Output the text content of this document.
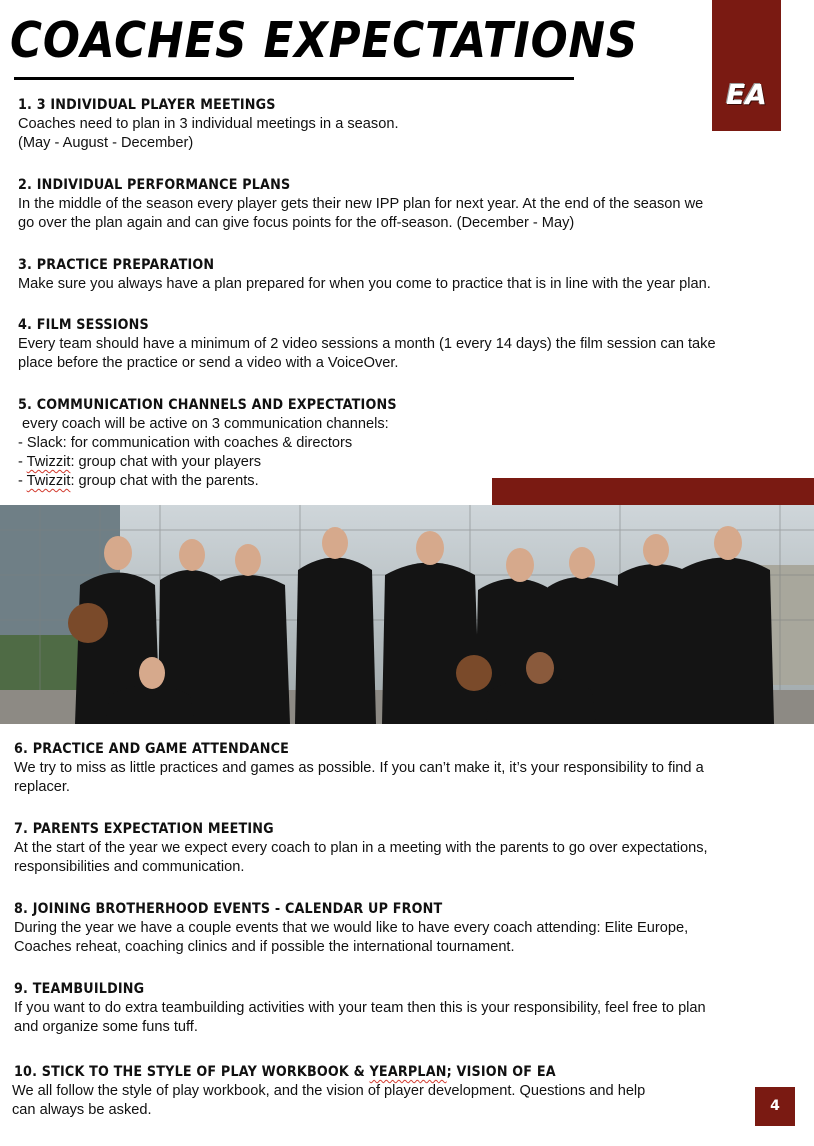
COACHES EXPECTATIONS
EA
1. 3 INDIVIDUAL PLAYER MEETINGS

Coaches need to plan in 3 individual meetings in a season.
(May - August - December)

2. INDIVIDUAL PERFORMANCE PLANS

In the middle of the season every player gets their new IPP plan for next year. At the end of the season we
go over the plan again and can give focus points for the off-season. (December - May)

3. PRACTICE PREPARATION

Make sure you always have a plan prepared for when you come to practice that is in line with the year plan.

4. FILM SESSIONS

Every team should have a minimum of 2 video sessions a month (1 every 14 days) the film session can take
place before the practice or send a video with a VoiceOver.

5. COMMUNICATION CHANNELS AND EXPECTATIONS

every coach will be active on 3 communication channels:
- Slack: for communication with coaches & directors
- Twizzit: group chat with your players
- Twizzit: group chat with the parents.

6. PRACTICE AND GAME ATTENDANCE

We try to miss as little practices and games as possible. If you can’t make it, it’s your responsibility to find a
replacer.

7. PARENTS EXPECTATION MEETING

At the start of the year we expect every coach to plan in a meeting with the parents to go over expectations,
responsibilities and communication.

8. JOINING BROTHERHOOD EVENTS - CALENDAR UP FRONT

During the year we have a couple events that we would like to have every coach attending: Elite Europe,
Coaches reheat, coaching clinics and if possible the international tournament.

9. TEAMBUILDING

If you want to do extra teambuilding activities with your team then this is your responsibility, feel free to plan
and organize some funs tuff.

10. STICK TO THE STYLE OF PLAY WORKBOOK & YEARPLAN; VISION OF EA

We all follow the style of play workbook, and the vision of player development. Questions and help
can always be asked.	4
